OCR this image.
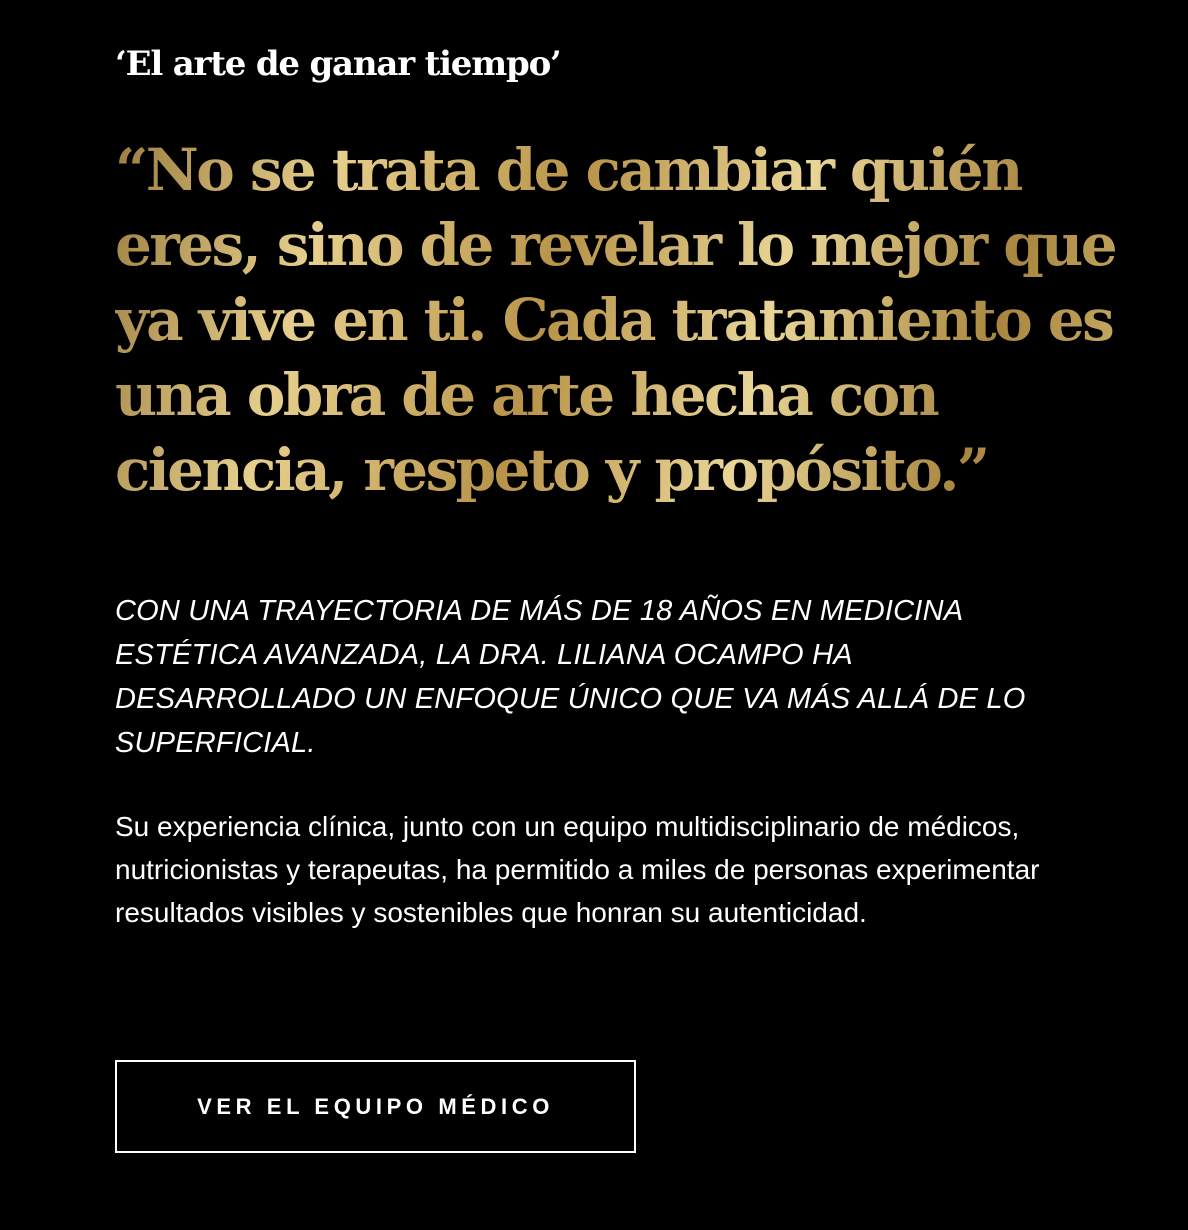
‘El arte de ganar tiempo’

“No se trata de cambiar quién eres, sino de revelar lo mejor que ya vive en ti. Cada tratamiento es una obra de arte hecha con ciencia, respeto y propósito.”

CON UNA TRAYECTORIA DE MÁS DE 18 AÑOS EN MEDICINA ESTÉTICA AVANZADA, LA DRA. LILIANA OCAMPO HA DESARROLLADO UN ENFOQUE ÚNICO QUE VA MÁS ALLÁ DE LO SUPERFICIAL.

Su experiencia clínica, junto con un equipo multidisciplinario de médicos, nutricionistas y terapeutas, ha permitido a miles de personas experimentar resultados visibles y sostenibles que honran su autenticidad.

VER EL EQUIPO MÉDICO
